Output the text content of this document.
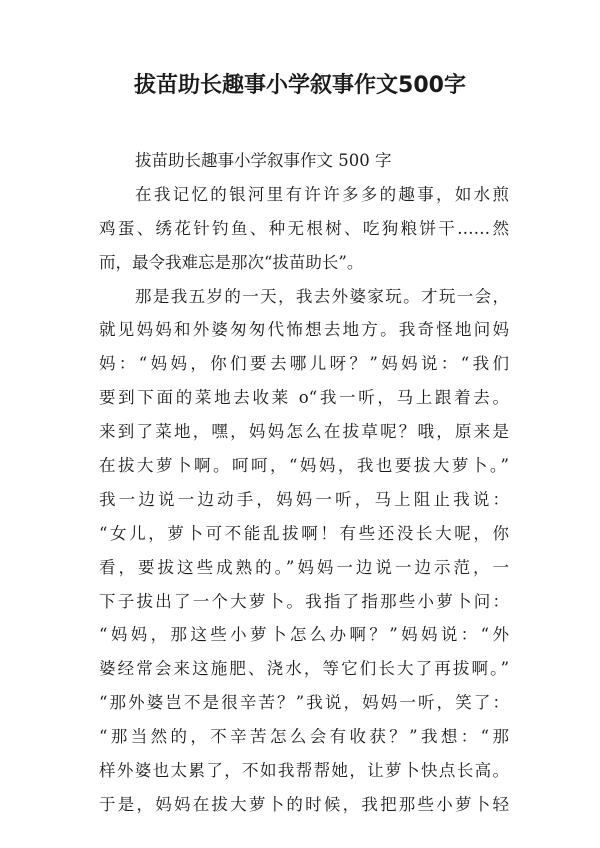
拔苗助长趣事小学叙事作文500字
拔苗助长趣事小学叙事作文 500 字
在我记忆的银河里有许许多多的趣事，如水煎
鸡蛋、绣花针钓鱼、种无根树、吃狗粮饼干……然
而，最令我难忘是那次“拔苗助长”。
那是我五岁的一天，我去外婆家玩。才玩一会，
就见妈妈和外婆匆匆代怖想去地方。我奇怪地问妈
妈：“妈妈，你们要去哪儿呀？”妈妈说：“我们
要到下面的菜地去收莱 o“我一听，马上跟着去。
来到了菜地，嘿，妈妈怎么在拔草呢？哦，原来是
在拔大萝卜啊。呵呵，“妈妈，我也要拔大萝卜。”
我一边说一边动手，妈妈一听，马上阻止我说：
“女儿，萝卜可不能乱拔啊！有些还没长大呢，你
看，要拔这些成熟的。”妈妈一边说一边示范，一
下子拔出了一个大萝卜。我指了指那些小萝卜问：
“妈妈，那这些小萝卜怎么办啊？”妈妈说：“外
婆经常会来这施肥、浇水，等它们长大了再拔啊。”
“那外婆岂不是很辛苦？”我说，妈妈一听，笑了：
“那当然的，不辛苦怎么会有收获？”我想：“那
样外婆也太累了，不如我帮帮她，让萝卜快点长高。
于是，妈妈在拔大萝卜的时候，我把那些小萝卜轻
